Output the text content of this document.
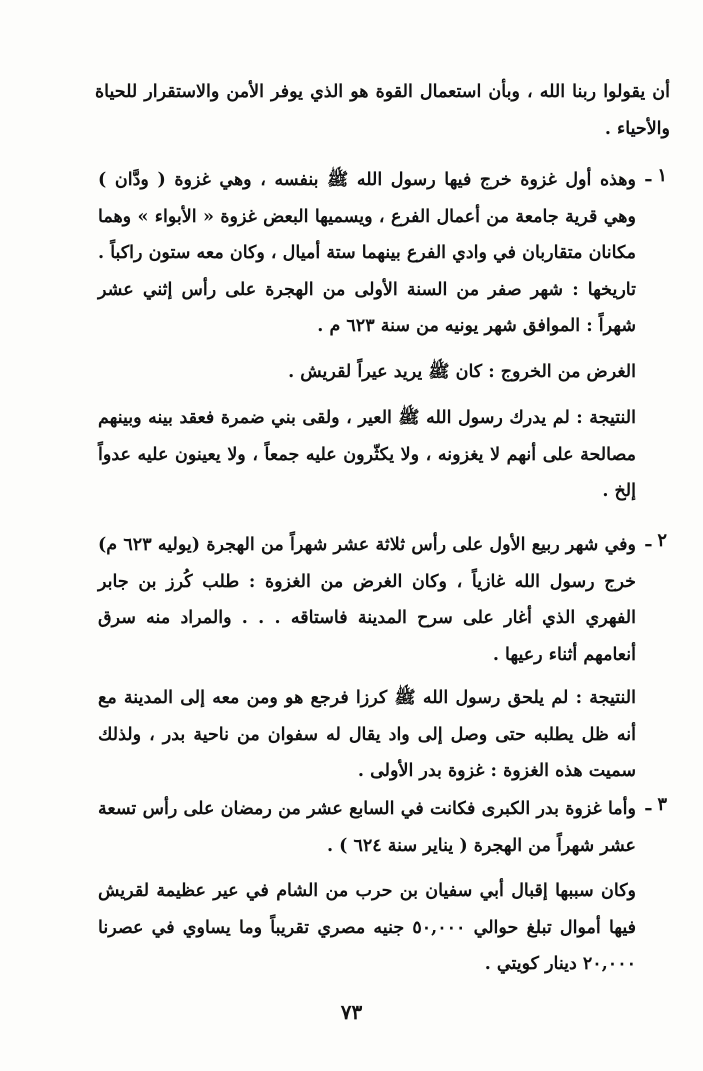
أن يقولوا ربنا الله ، وبأن استعمال القوة هو الذي يوفر الأمن والاستقرار للحياة والأحياء .
١ ـ
وهذه أول غزوة خرج فيها رسول الله ﷺ بنفسه ، وهي غزوة ( ودَّان ) وهي قرية جامعة من أعمال الفرع ، ويسميها البعض غزوة « الأبواء » وهما مكانان متقاربان في وادي الفرع بينهما ستة أميال ، وكان معه ستون راكباً . تاريخها : شهر صفر من السنة الأولى من الهجرة على رأس إثني عشر شهراً : الموافق شهر يونيه من سنة ٦٢٣ م .
الغرض من الخروج : كان ﷺ يريد عيراً لقريش .
النتيجة : لم يدرك رسول الله ﷺ العير ، ولقى بني ضمرة فعقد بينه وبينهم مصالحة على أنهم لا يغزونه ، ولا يكثّرون عليه جمعاً ، ولا يعينون عليه عدواً إلخ .
٢ ـ
وفي شهر ربيع الأول على رأس ثلاثة عشر شهراً من الهجرة (يوليه ٦٢٣ م) خرج رسول الله غازياً ، وكان الغرض من الغزوة : طلب كُرز بن جابر الفهري الذي أغار على سرح المدينة فاستاقه . . . والمراد منه سرق أنعامهم أثناء رعيها .
النتيجة : لم يلحق رسول الله ﷺ كرزا فرجع هو ومن معه إلى المدينة مع أنه ظل يطلبه حتى وصل إلى واد يقال له سفوان من ناحية بدر ، ولذلك سميت هذه الغزوة : غزوة بدر الأولى .
٣ ـ
وأما غزوة بدر الكبرى فكانت في السابع عشر من رمضان على رأس تسعة عشر شهراً من الهجرة ( يناير سنة ٦٢٤ ) .
وكان سببها إقبال أبي سفيان بن حرب من الشام في عير عظيمة لقريش فيها أموال تبلغ حوالي ٥٠,٠٠٠ جنيه مصري تقريباً وما يساوي في عصرنا ٢٠,٠٠٠ دينار كويتي .
٧٣
